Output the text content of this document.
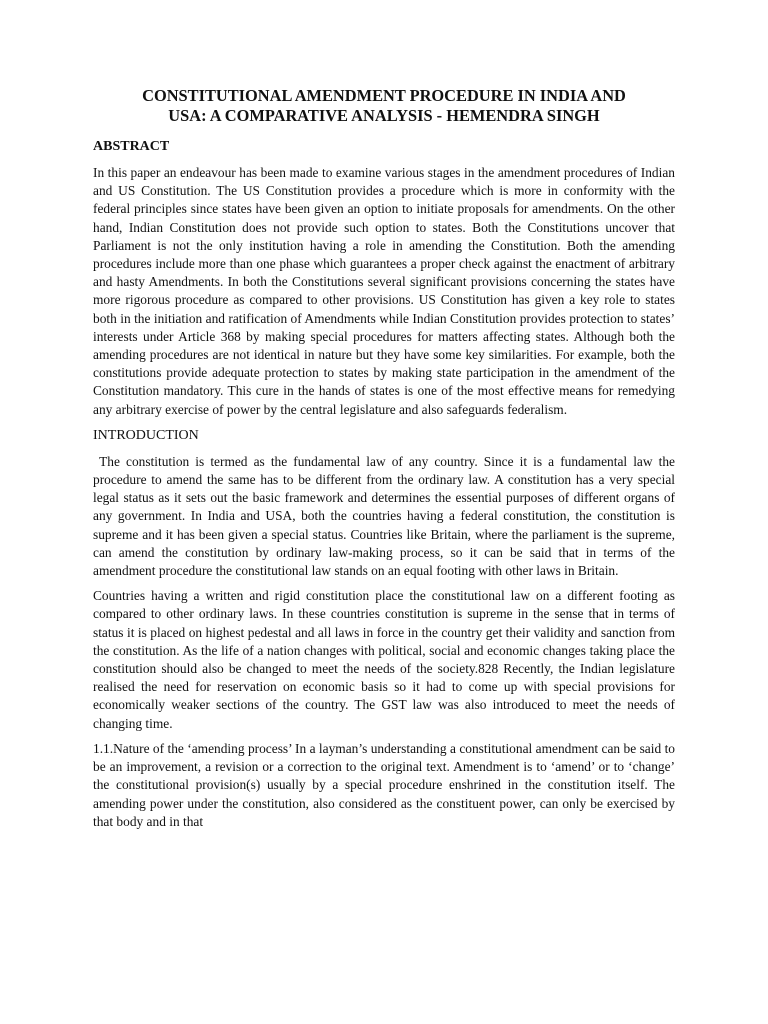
CONSTITUTIONAL AMENDMENT PROCEDURE IN INDIA AND
USA: A COMPARATIVE ANALYSIS - HEMENDRA SINGH
ABSTRACT

In this paper an endeavour has been made to examine various stages in the amendment procedures of Indian and US Constitution. The US Constitution provides a procedure which is more in conformity with the federal principles since states have been given an option to initiate proposals for amendments. On the other hand, Indian Constitution does not provide such option to states. Both the Constitutions uncover that Parliament is not the only institution having a role in amending the Constitution. Both the amending procedures include more than one phase which guarantees a proper check against the enactment of arbitrary and hasty Amendments. In both the Constitutions several significant provisions concerning the states have more rigorous procedure as compared to other provisions. US Constitution has given a key role to states both in the initiation and ratification of Amendments while Indian Constitution provides protection to states’ interests under Article 368 by making special procedures for matters affecting states. Although both the amending procedures are not identical in nature but they have some key similarities. For example, both the constitutions provide adequate protection to states by making state participation in the amendment of the Constitution mandatory. This cure in the hands of states is one of the most effective means for remedying any arbitrary exercise of power by the central legislature and also safeguards federalism.

INTRODUCTION

The constitution is termed as the fundamental law of any country. Since it is a fundamental law the procedure to amend the same has to be different from the ordinary law. A constitution has a very special legal status as it sets out the basic framework and determines the essential purposes of different organs of any government. In India and USA, both the countries having a federal constitution, the constitution is supreme and it has been given a special status. Countries like Britain, where the parliament is the supreme, can amend the constitution by ordinary law-making process, so it can be said that in terms of the amendment procedure the constitutional law stands on an equal footing with other laws in Britain.

Countries having a written and rigid constitution place the constitutional law on a different footing as compared to other ordinary laws. In these countries constitution is supreme in the sense that in terms of status it is placed on highest pedestal and all laws in force in the country get their validity and sanction from the constitution. As the life of a nation changes with political, social and economic changes taking place the constitution should also be changed to meet the needs of the society.828 Recently, the Indian legislature realised the need for reservation on economic basis so it had to come up with special provisions for economically weaker sections of the country. The GST law was also introduced to meet the needs of changing time.

1.1.Nature of the ‘amending process’ In a layman’s understanding a constitutional amendment can be said to be an improvement, a revision or a correction to the original text. Amendment is to ‘amend’ or to ‘change’ the constitutional provision(s) usually by a special procedure enshrined in the constitution itself. The amending power under the constitution, also considered as the constituent power, can only be exercised by that body and in that
